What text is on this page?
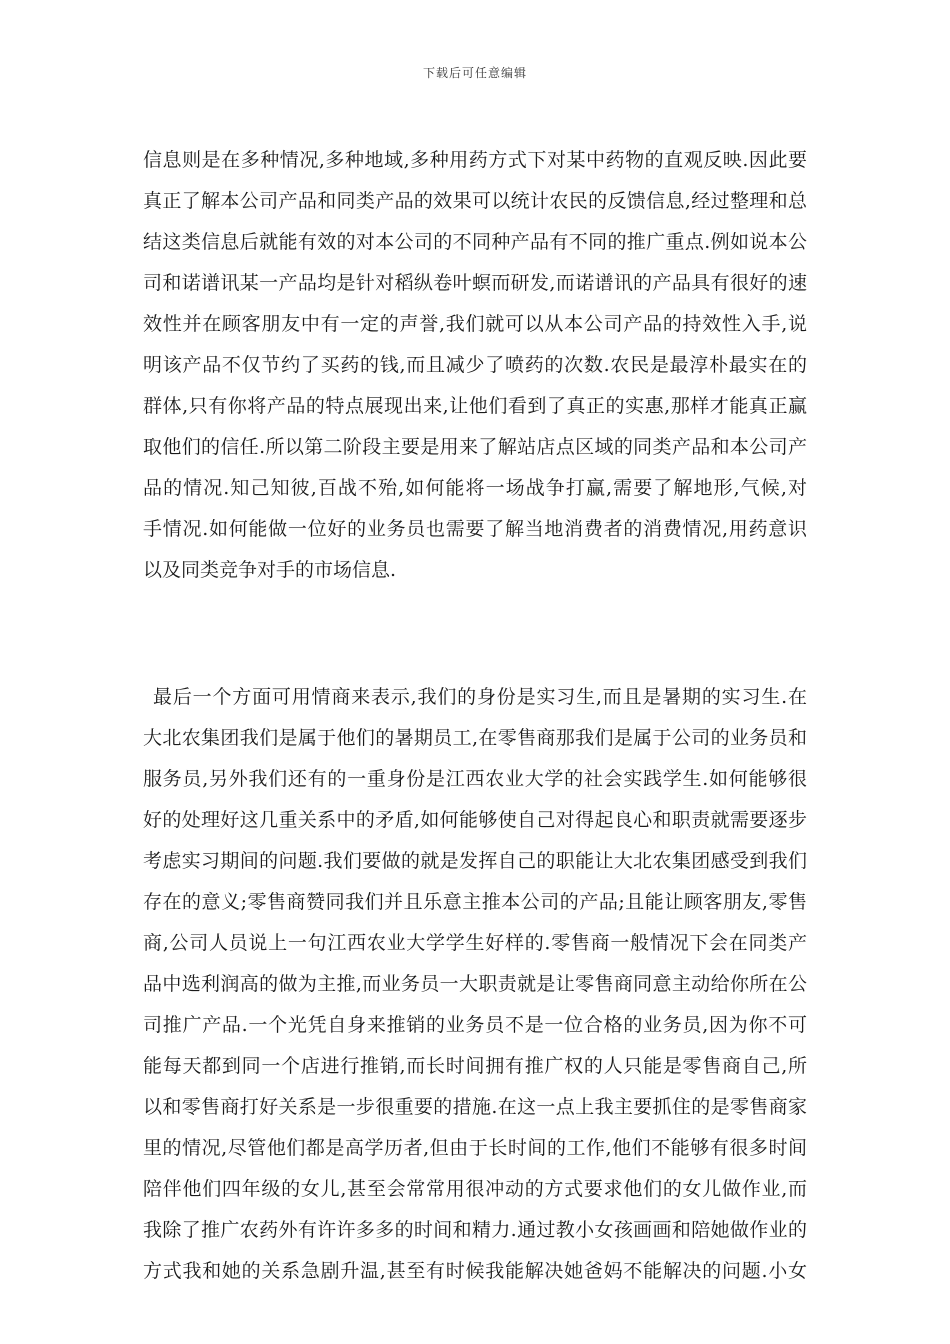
下载后可任意编辑
信息则是在多种情况,多种地域,多种用药方式下对某中药物的直观反映.因此要
真正了解本公司产品和同类产品的效果可以统计农民的反馈信息,经过整理和总
结这类信息后就能有效的对本公司的不同种产品有不同的推广重点.例如说本公
司和诺谱讯某一产品均是针对稻纵卷叶螟而研发,而诺谱讯的产品具有很好的速
效性并在顾客朋友中有一定的声誉,我们就可以从本公司产品的持效性入手,说
明该产品不仅节约了买药的钱,而且减少了喷药的次数.农民是最淳朴最实在的
群体,只有你将产品的特点展现出来,让他们看到了真正的实惠,那样才能真正赢
取他们的信任.所以第二阶段主要是用来了解站店点区域的同类产品和本公司产
品的情况.知己知彼,百战不殆,如何能将一场战争打赢,需要了解地形,气候,对
手情况.如何能做一位好的业务员也需要了解当地消费者的消费情况,用药意识
以及同类竞争对手的市场信息.
最后一个方面可用情商来表示,我们的身份是实习生,而且是暑期的实习生.在
大北农集团我们是属于他们的暑期员工,在零售商那我们是属于公司的业务员和
服务员,另外我们还有的一重身份是江西农业大学的社会实践学生.如何能够很
好的处理好这几重关系中的矛盾,如何能够使自己对得起良心和职责就需要逐步
考虑实习期间的问题.我们要做的就是发挥自己的职能让大北农集团感受到我们
存在的意义;零售商赞同我们并且乐意主推本公司的产品;且能让顾客朋友,零售
商,公司人员说上一句江西农业大学学生好样的.零售商一般情况下会在同类产
品中选利润高的做为主推,而业务员一大职责就是让零售商同意主动给你所在公
司推广产品.一个光凭自身来推销的业务员不是一位合格的业务员,因为你不可
能每天都到同一个店进行推销,而长时间拥有推广权的人只能是零售商自己,所
以和零售商打好关系是一步很重要的措施.在这一点上我主要抓住的是零售商家
里的情况,尽管他们都是高学历者,但由于长时间的工作,他们不能够有很多时间
陪伴他们四年级的女儿,甚至会常常用很冲动的方式要求他们的女儿做作业,而
我除了推广农药外有许许多多的时间和精力.通过教小女孩画画和陪她做作业的
方式我和她的关系急剧升温,甚至有时候我能解决她爸妈不能解决的问题.小女
